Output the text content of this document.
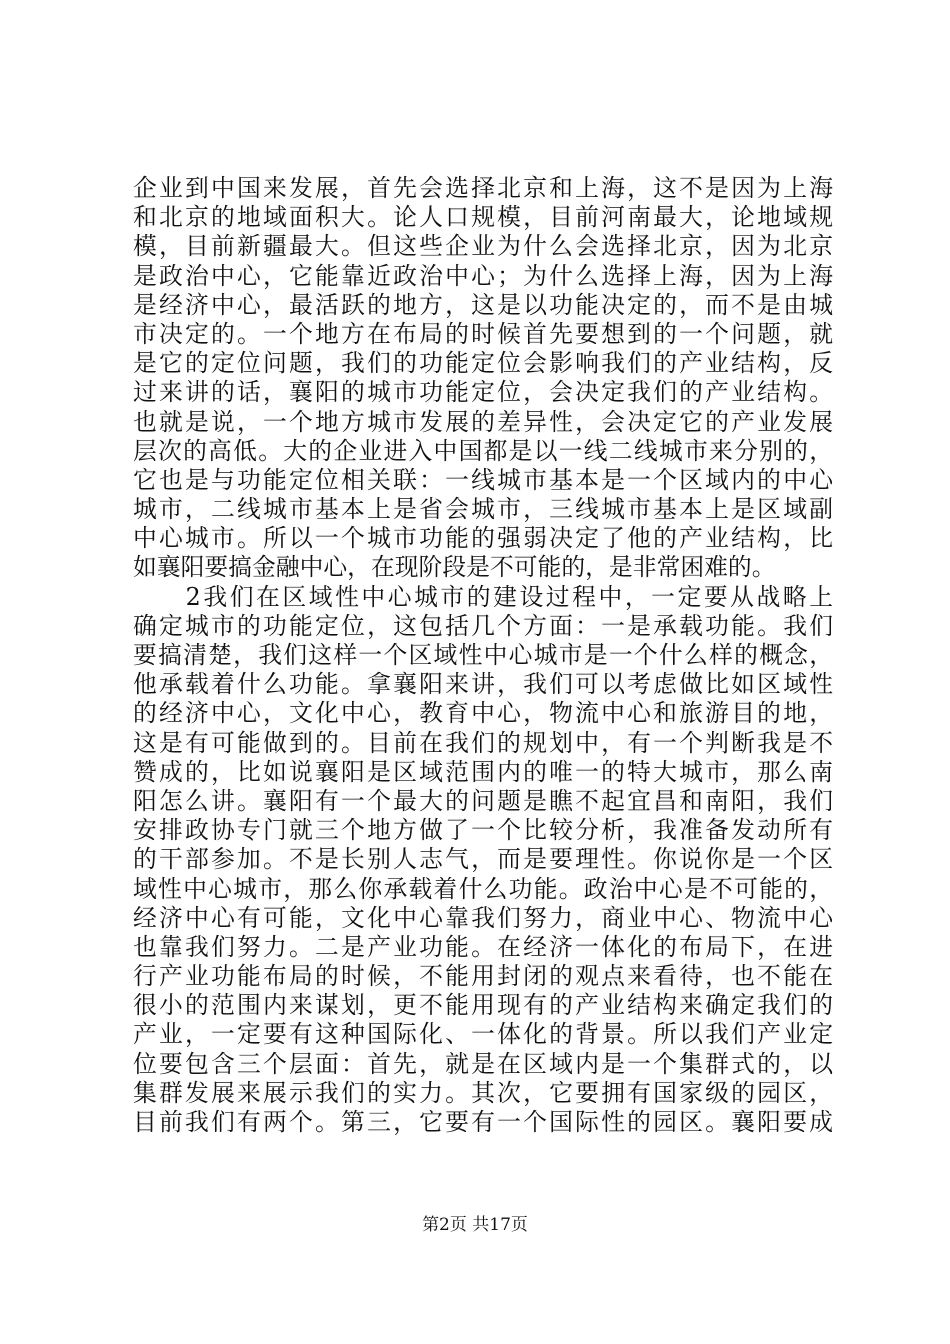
企业到中国来发展，首先会选择北京和上海，这不是因为上海
和北京的地域面积大。论人口规模，目前河南最大，论地域规
模，目前新疆最大。但这些企业为什么会选择北京，因为北京
是政治中心，它能靠近政治中心；为什么选择上海，因为上海
是经济中心，最活跃的地方，这是以功能决定的，而不是由城
市决定的。一个地方在布局的时候首先要想到的一个问题，就
是它的定位问题，我们的功能定位会影响我们的产业结构，反
过来讲的话，襄阳的城市功能定位，会决定我们的产业结构。
也就是说，一个地方城市发展的差异性，会决定它的产业发展
层次的高低。大的企业进入中国都是以一线二线城市来分别的，
它也是与功能定位相关联：一线城市基本是一个区域内的中心
城市，二线城市基本上是省会城市，三线城市基本上是区域副
中心城市。所以一个城市功能的强弱决定了他的产业结构，比
如襄阳要搞金融中心，在现阶段是不可能的，是非常困难的。
　　2我们在区域性中心城市的建设过程中，一定要从战略上
确定城市的功能定位，这包括几个方面：一是承载功能。我们
要搞清楚，我们这样一个区域性中心城市是一个什么样的概念，
他承载着什么功能。拿襄阳来讲，我们可以考虑做比如区域性
的经济中心，文化中心，教育中心，物流中心和旅游目的地，
这是有可能做到的。目前在我们的规划中，有一个判断我是不
赞成的，比如说襄阳是区域范围内的唯一的特大城市，那么南
阳怎么讲。襄阳有一个最大的问题是瞧不起宜昌和南阳，我们
安排政协专门就三个地方做了一个比较分析，我准备发动所有
的干部参加。不是长别人志气，而是要理性。你说你是一个区
域性中心城市，那么你承载着什么功能。政治中心是不可能的，
经济中心有可能，文化中心靠我们努力，商业中心、物流中心
也靠我们努力。二是产业功能。在经济一体化的布局下，在进
行产业功能布局的时候，不能用封闭的观点来看待，也不能在
很小的范围内来谋划，更不能用现有的产业结构来确定我们的
产业，一定要有这种国际化、一体化的背景。所以我们产业定
位要包含三个层面：首先，就是在区域内是一个集群式的，以
集群发展来展示我们的实力。其次，它要拥有国家级的园区，
目前我们有两个。第三，它要有一个国际性的园区。襄阳要成
第2页 共17页
